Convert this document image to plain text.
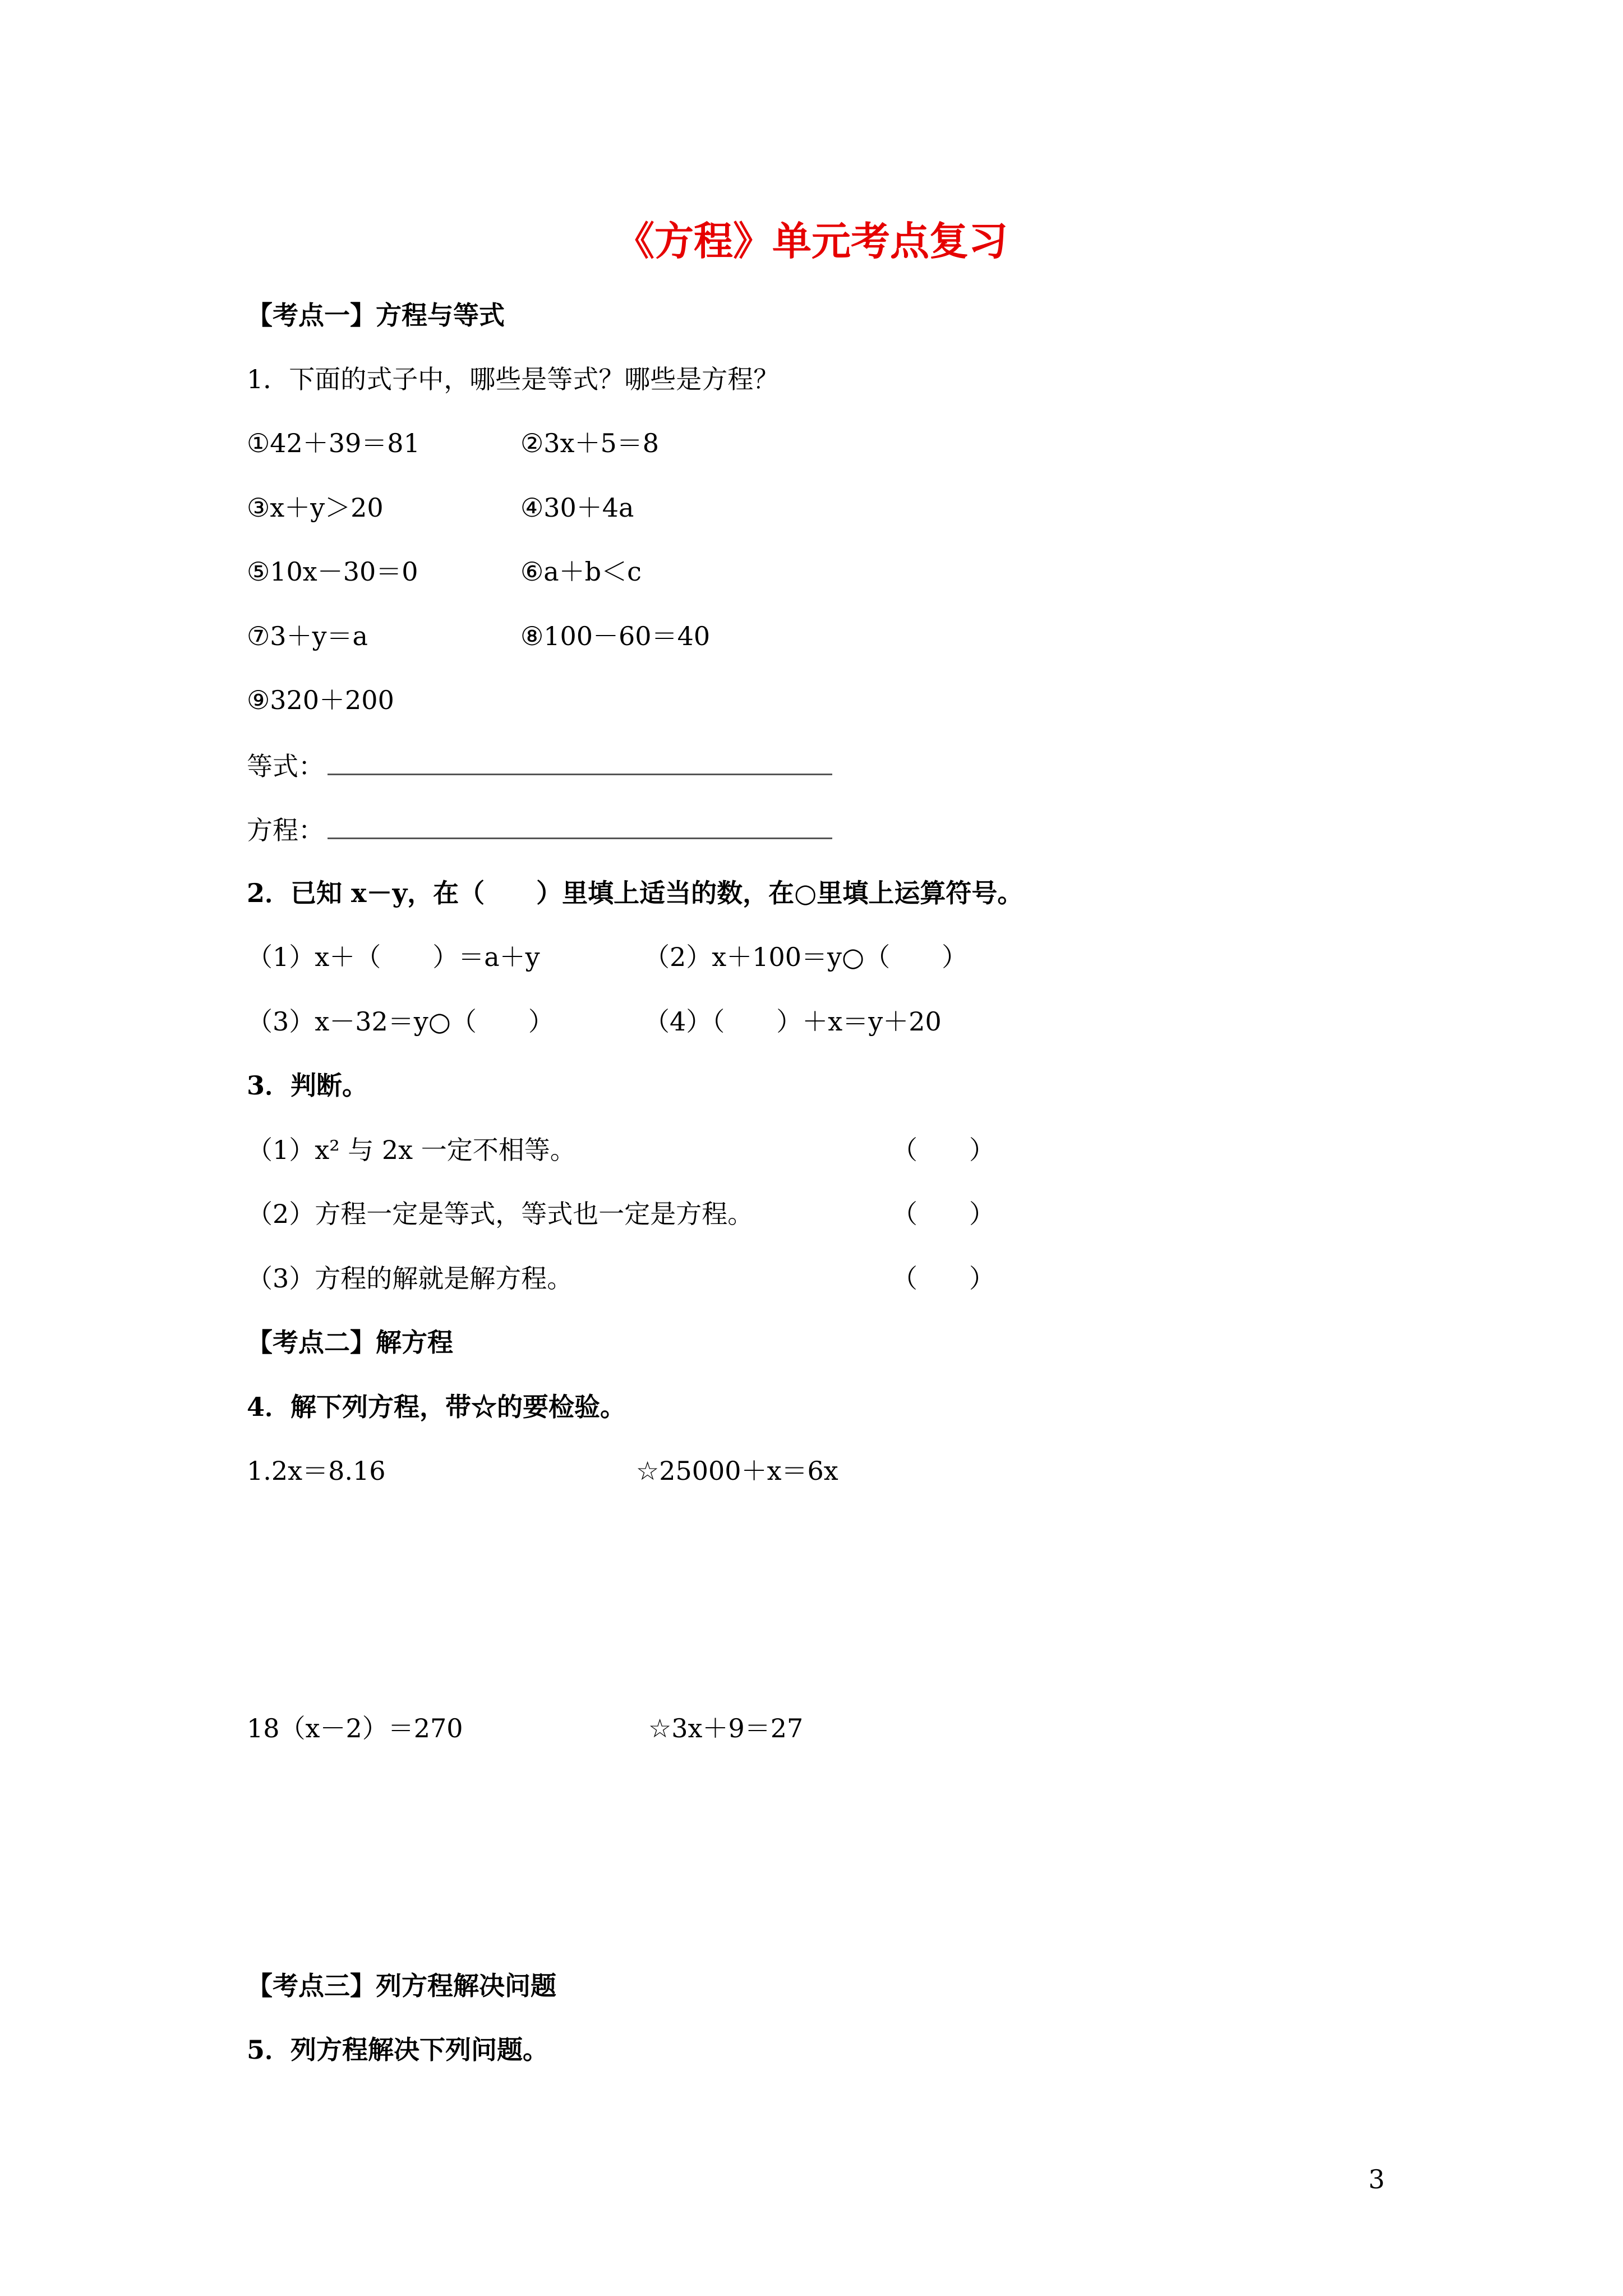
《方程》单元考点复习
【考点一】方程与等式
1．下面的式子中，哪些是等式？哪些是方程？
①42＋39＝81	②3x＋5＝8
③x＋y＞20	④30＋4a
⑤10x－30＝0	⑥a＋b＜c
⑦3＋y＝a	⑧100－60＝40
⑨320＋200
等式：
方程：
2．已知 x－y，在（　　）里填上适当的数，在○里填上运算符号。
（1）x＋（　　）＝a＋y	（2）x＋100＝y○（　　）
（3）x－32＝y○（　　）	（4）（　　）＋x＝y＋20
3．判断。
（1）x² 与 2x 一定不相等。	（　　）
（2）方程一定是等式，等式也一定是方程。	（　　）
（3）方程的解就是解方程。	（　　）
【考点二】解方程
4．解下列方程，带☆的要检验。
1.2x＝8.16	☆25000＋x＝6x
18（x－2）＝270	☆3x＋9＝27
【考点三】列方程解决问题
5．列方程解决下列问题。
3
